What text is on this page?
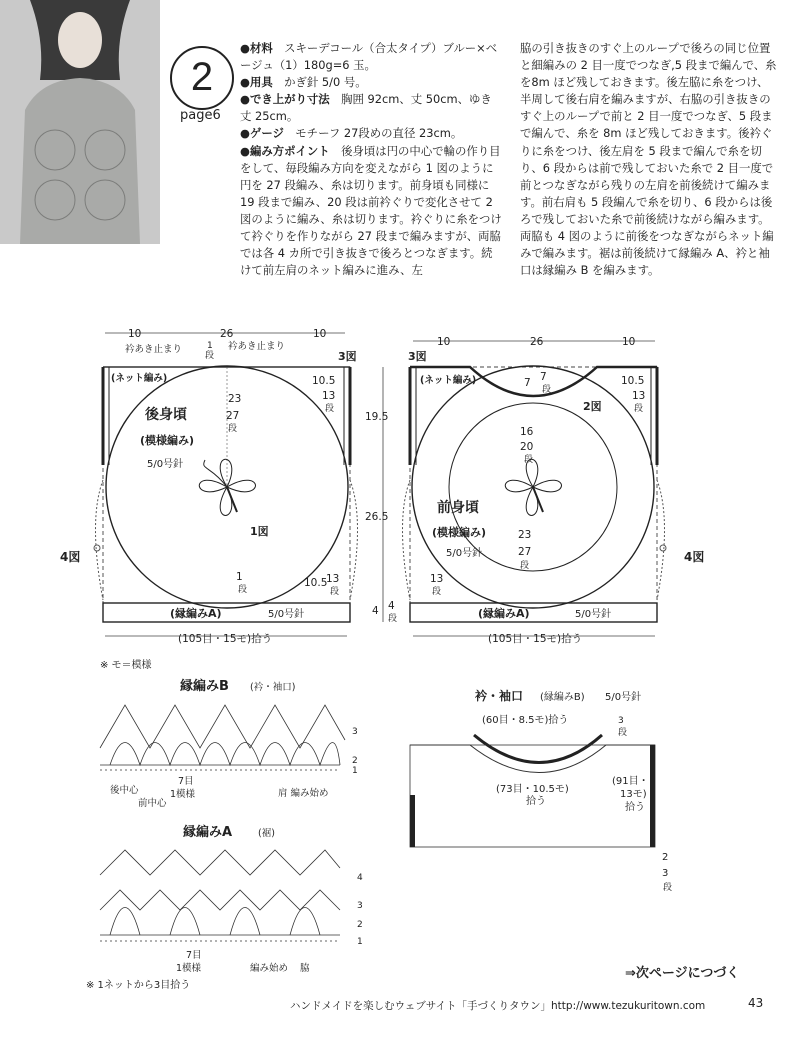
2
page6
●材料　スキーデコール（合太タイプ）ブルー×ベージュ（1）180g=6 玉。
●用具　かぎ針 5/0 号。
●でき上がり寸法　胸囲 92cm、丈 50cm、ゆき丈 25cm。
●ゲージ　モチーフ 27段めの直径 23cm。
●編み方ポイント　後身頃は円の中心で輪の作り目をして、毎段編み方向を変えながら 1 図のように円を 27 段編み、糸は切ります。前身頃も同様に 19 段まで編み、20 段は前衿ぐりで変化させて 2 図のように編み、糸は切ります。衿ぐりに糸をつけて衿ぐりを作りながら 27 段まで編みますが、両脇では各 4 カ所で引き抜きで後ろとつなぎます。続けて前左肩のネット編みに進み、左
脇の引き抜きのすぐ上のループで後ろの同じ位置と細編みの 2 目一度でつなぎ,5 段まで編んで、糸を8m ほど残しておきます。後左脇に糸をつけ、半周して後右肩を編みますが、右脇の引き抜きのすぐ上のループで前と 2 目一度でつなぎ、5 段まで編んで、糸を 8m ほど残しておきます。後衿ぐりに糸をつけ、後左肩を 5 段まで編んで糸を切り、6 段からは前で残しておいた糸で 2 目一度で前とつなぎながら残りの左肩を前後続けて編みます。前右肩も 5 段編んで糸を切り、6 段からは後ろで残しておいた糸で前後続けながら編みます。両脇も 4 図のように前後をつなぎながらネット編みで編みます。裾は前後続けて縁編み A、衿と袖口は縁編み B を編みます。
10	26	10
衿あき止まり	衿あき止まり
1
段
(ネット編み)
後身頃
(模様編み)
5/0号針
23
27
段
10.5
13
段
3図
1図
1
段
10.5
13
段
(縁編みA)	5/0号針
(105目・15モ)拾う
19.5
26.5
4 4
段
4図	4図
10	26	10
3図
(ネット編み)	7 7
段
2図
10.5
13
段
16
20
段
前身頃
(模様編み)
5/0号針
23
27
段
13
段
(縁編みA)	5/0号針
(105目・15モ)拾う
縁編みB (衿・袖口)
3
2
1
後中心
前中心
7目
1模様	肩 編み始め
衿・袖口 (縁編みB) 5/0号針
(60目・8.5モ)拾う	3
段
(73目・10.5モ)
拾う
(91目・
13モ)
拾う
2
3
段
縁編みA	(裾)
4
3
2
1
7目
1模様	編み始め 脇
※ モ＝模様
※ 1ネットから3目拾う
⇒次ページにつづく
ハンドメイドを楽しむウェブサイト「手づくりタウン」http://www.tezukuritown.com	43
